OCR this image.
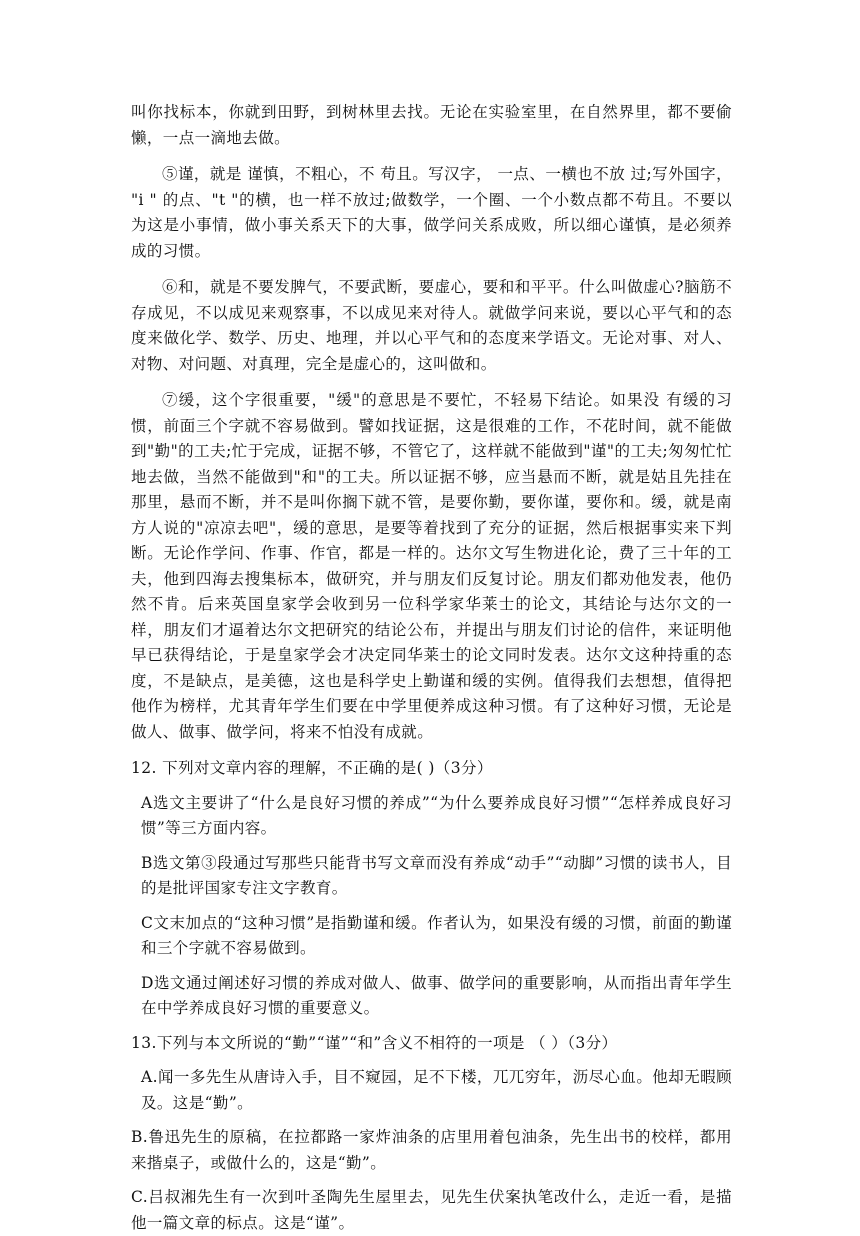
叫你找标本，你就到田野，到树林里去找。无论在实验室里，在自然界里，都不要偷懒，一点一滴地去做。

⑤谨，就是 谨慎，不粗心，不 苟且。写汉字， 一点、一横也不放 过;写外国字， "i " 的点、"t "的横，也一样不放过;做数学，一个圈、一个小数点都不苟且。不要以为这是小事情，做小事关系天下的大事，做学问关系成败，所以细心谨慎，是必须养成的习惯。

⑥和，就是不要发脾气，不要武断，要虚心，要和和平平。什么叫做虚心?脑筋不存成见，不以成见来观察事，不以成见来对待人。就做学问来说，要以心平气和的态度来做化学、数学、历史、地理，并以心平气和的态度来学语文。无论对事、对人、对物、对问题、对真理，完全是虚心的，这叫做和。

⑦缓，这个字很重要，"缓"的意思是不要忙，不轻易下结论。如果没 有缓的习惯，前面三个字就不容易做到。譬如找证据，这是很难的工作，不花时间，就不能做到"勤"的工夫;忙于完成，证据不够，不管它了，这样就不能做到"谨"的工夫;匆匆忙忙地去做，当然不能做到"和"的工夫。所以证据不够，应当悬而不断，就是姑且先挂在那里，悬而不断，并不是叫你搁下就不管，是要你勤，要你谨，要你和。缓，就是南方人说的"凉凉去吧"，缓的意思，是要等着找到了充分的证据，然后根据事实来下判断。无论作学问、作事、作官，都是一样的。达尔文写生物进化论，费了三十年的工夫，他到四海去搜集标本，做研究，并与朋友们反复讨论。朋友们都劝他发表，他仍然不肯。后来英国皇家学会收到另一位科学家华莱士的论文，其结论与达尔文的一样，朋友们才逼着达尔文把研究的结论公布，并提出与朋友们讨论的信件，来证明他早已获得结论，于是皇家学会才决定同华莱士的论文同时发表。达尔文这种持重的态度，不是缺点，是美德，这也是科学史上勤谨和缓的实例。值得我们去想想，值得把他作为榜样，尤其青年学生们要在中学里便养成这种习惯。有了这种好习惯，无论是做人、做事、做学问，将来不怕没有成就。

12. 下列对文章内容的理解，不正确的是( )（3分）

A选文主要讲了“什么是良好习惯的养成”“为什么要养成良好习惯”“怎样养成良好习惯”等三方面内容。

B选文第③段通过写那些只能背书写文章而没有养成“动手”“动脚”习惯的读书人，目的是批评国家专注文字教育。

C文末加点的“这种习惯”是指勤谨和缓。作者认为，如果没有缓的习惯，前面的勤谨和三个字就不容易做到。

D选文通过阐述好习惯的养成对做人、做事、做学问的重要影响，从而指出青年学生在中学养成良好习惯的重要意义。

13.下列与本文所说的“勤”“谨”“和”含义不相符的一项是 （ ）（3分）

A.闻一多先生从唐诗入手，目不窥园，足不下楼，兀兀穷年，沥尽心血。他却无暇顾及。这是“勤”。

B.鲁迅先生的原稿，在拉都路一家炸油条的店里用着包油条，先生出书的校样，都用来揩桌子，或做什么的，这是“勤”。

C.吕叔湘先生有一次到叶圣陶先生屋里去，见先生伏案执笔改什么，走近一看，是描他一篇文章的标点。这是“谨”。
